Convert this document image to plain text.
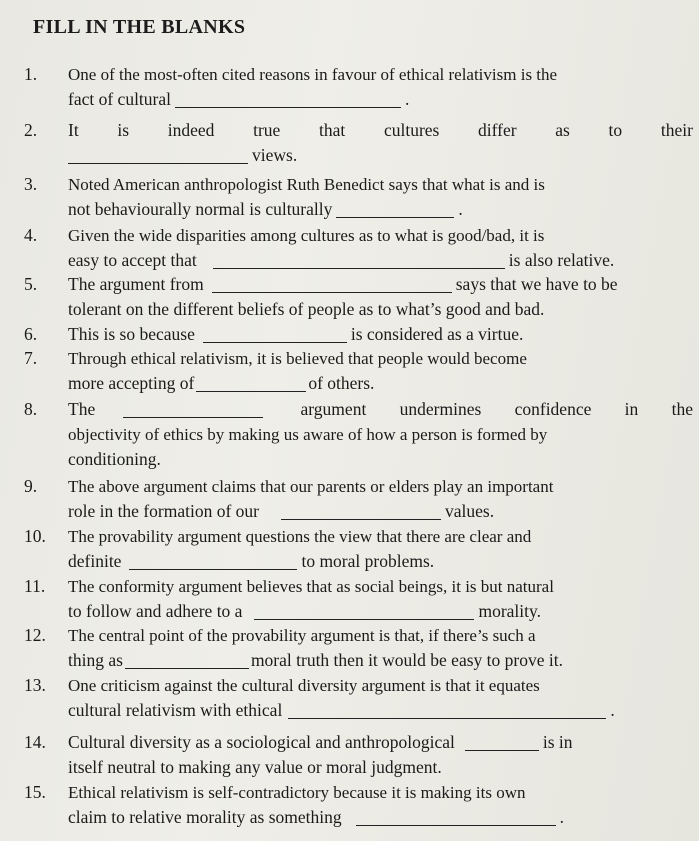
FILL IN THE BLANKS
1.	One of the most-often cited reasons in favour of ethical relativism is the
fact of cultural	.
2.	It is indeed true that cultures differ as to their
views.
3.	Noted American anthropologist Ruth Benedict says that what is and is
not behaviourally normal is culturally	.
4.	Given the wide disparities among cultures as to what is good/bad, it is
easy to accept that	is also relative.
5.	The argument from	says that we have to be
tolerant on the different beliefs of people as to what’s good and bad.
6.	This is so because	is considered as a virtue.
7.	Through ethical relativism, it is believed that people would become
more accepting of	of others.
8.	The	argument undermines confidence in the
objectivity of ethics by making us aware of how a person is formed by
conditioning.
9.	The above argument claims that our parents or elders play an important
role in the formation of our	values.
10.	The provability argument questions the view that there are clear and
definite	to moral problems.
11.	The conformity argument believes that as social beings, it is but natural
to follow and adhere to a	morality.
12.	The central point of the provability argument is that, if there’s such a
thing as	moral truth then it would be easy to prove it.
13.	One criticism against the cultural diversity argument is that it equates
cultural relativism with ethical	.
14.	Cultural diversity as a sociological and anthropological	is in
itself neutral to making any value or moral judgment.
15.	Ethical relativism is self-contradictory because it is making its own
claim to relative morality as something	.
